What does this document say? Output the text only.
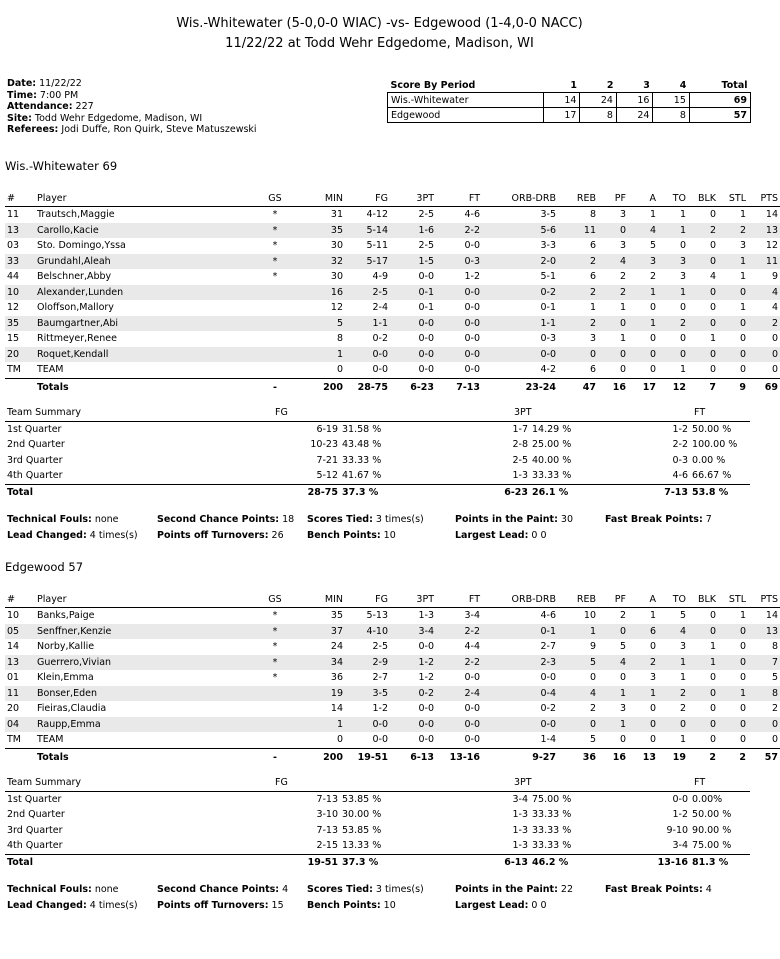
Wis.-Whitewater (5-0,0-0 WIAC) -vs- Edgewood (1-4,0-0 NACC)
11/22/22 at Todd Wehr Edgedome, Madison, WI
Date: 11/22/22
Time: 7:00 PM
Attendance: 227
Site: Todd Wehr Edgedome, Madison, WI
Referees: Jodi Duffe, Ron Quirk, Steve Matuszewski
Score By Period	1	2	3	4	Total
Wis.-Whitewater	14	24	16	15	69
Edgewood	17	8	24	8	57
Wis.-Whitewater 69
#	Player	GS	MIN	FG	3PT	FT	ORB-DRB	REB	PF	A	TO	BLK	STL	PTS
11	Trautsch,Maggie	*	31	4-12	2-5	4-6	3-5	8	3	1	1	0	1	14
13	Carollo,Kacie	*	35	5-14	1-6	2-2	5-6	11	0	4	1	2	2	13
03	Sto. Domingo,Yssa	*	30	5-11	2-5	0-0	3-3	6	3	5	0	0	3	12
33	Grundahl,Aleah	*	32	5-17	1-5	0-3	2-0	2	4	3	3	0	1	11
44	Belschner,Abby	*	30	4-9	0-0	1-2	5-1	6	2	2	3	4	1	9
10	Alexander,Lunden		16	2-5	0-1	0-0	0-2	2	2	1	1	0	0	4
12	Oloffson,Mallory		12	2-4	0-1	0-0	0-1	1	1	0	0	0	1	4
35	Baumgartner,Abi		5	1-1	0-0	0-0	1-1	2	0	1	2	0	0	2
15	Rittmeyer,Renee		8	0-2	0-0	0-0	0-3	3	1	0	0	1	0	0
20	Roquet,Kendall		1	0-0	0-0	0-0	0-0	0	0	0	0	0	0	0
TM	TEAM		0	0-0	0-0	0-0	4-2	6	0	0	1	0	0	0
	Totals	-	200	28-75	6-23	7-13	23-24	47	16	17	12	7	9	69
Team Summary	FG		3PT		FT	
1st Quarter	6-19	31.58 %	1-7	14.29 %	1-2	50.00 %
2nd Quarter	10-23	43.48 %	2-8	25.00 %	2-2	100.00 %
3rd Quarter	7-21	33.33 %	2-5	40.00 %	0-3	0.00 %
4th Quarter	5-12	41.67 %	1-3	33.33 %	4-6	66.67 %
Total	28-75	37.3 %	6-23	26.1 %	7-13	53.8 %
Technical Fouls: none
Lead Changed: 4 times(s)
Second Chance Points: 18
Points off Turnovers: 26
Scores Tied: 3 times(s)
Bench Points: 10
Points in the Paint: 30
Largest Lead: 0 0
Fast Break Points: 7
Edgewood 57
#	Player	GS	MIN	FG	3PT	FT	ORB-DRB	REB	PF	A	TO	BLK	STL	PTS
10	Banks,Paige	*	35	5-13	1-3	3-4	4-6	10	2	1	5	0	1	14
05	Senffner,Kenzie	*	37	4-10	3-4	2-2	0-1	1	0	6	4	0	0	13
14	Norby,Kallie	*	24	2-5	0-0	4-4	2-7	9	5	0	3	1	0	8
13	Guerrero,Vivian	*	34	2-9	1-2	2-2	2-3	5	4	2	1	1	0	7
01	Klein,Emma	*	36	2-7	1-2	0-0	0-0	0	0	3	1	0	0	5
11	Bonser,Eden		19	3-5	0-2	2-4	0-4	4	1	1	2	0	1	8
20	Fieiras,Claudia		14	1-2	0-0	0-0	0-2	2	3	0	2	0	0	2
04	Raupp,Emma		1	0-0	0-0	0-0	0-0	0	1	0	0	0	0	0
TM	TEAM		0	0-0	0-0	0-0	1-4	5	0	0	1	0	0	0
	Totals	-	200	19-51	6-13	13-16	9-27	36	16	13	19	2	2	57
Team Summary	FG		3PT		FT	
1st Quarter	7-13	53.85 %	3-4	75.00 %	0-0	0.00%
2nd Quarter	3-10	30.00 %	1-3	33.33 %	1-2	50.00 %
3rd Quarter	7-13	53.85 %	1-3	33.33 %	9-10	90.00 %
4th Quarter	2-15	13.33 %	1-3	33.33 %	3-4	75.00 %
Total	19-51	37.3 %	6-13	46.2 %	13-16	81.3 %
Technical Fouls: none
Lead Changed: 4 times(s)
Second Chance Points: 4
Points off Turnovers: 15
Scores Tied: 3 times(s)
Bench Points: 10
Points in the Paint: 22
Largest Lead: 0 0
Fast Break Points: 4
